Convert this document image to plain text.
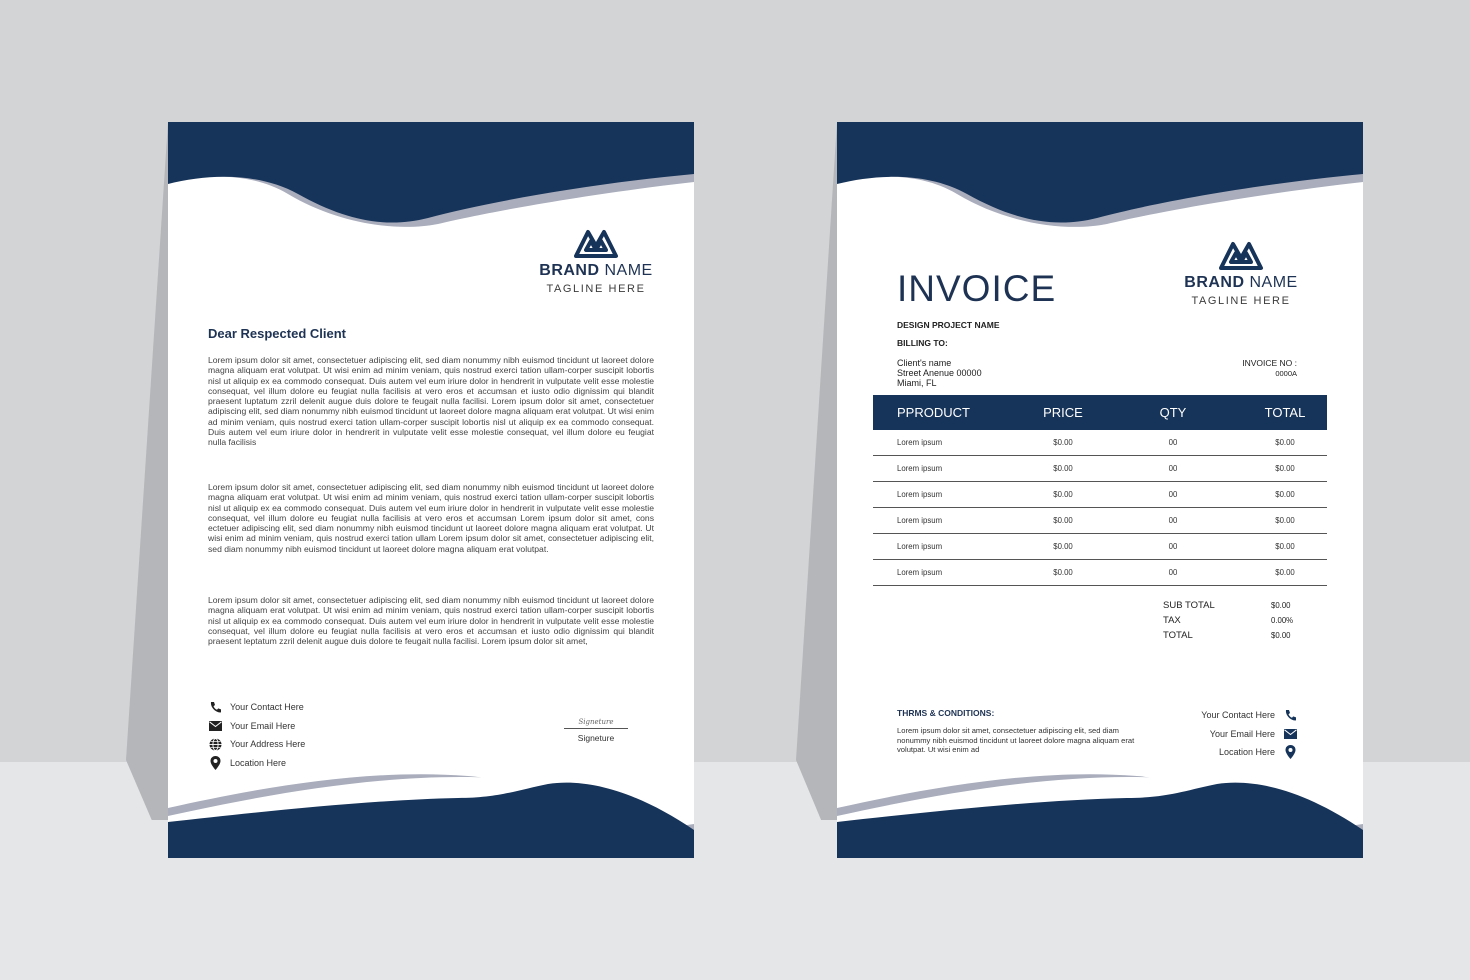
BRAND NAME
TAGLINE HERE
Dear Respected Client
Lorem ipsum dolor sit amet, consectetuer adipiscing elit, sed diam nonummy nibh euismod tincidunt ut laoreet dolore magna aliquam erat volutpat. Ut wisi enim ad minim veniam, quis nostrud exerci tation ullam-corper suscipit lobortis nisl ut aliquip ex ea commodo consequat. Duis autem vel eum iriure dolor in hendrerit in vulputate velit esse molestie consequat, vel illum dolore eu feugiat nulla facilisis at vero eros et accumsan et iusto odio dignissim qui blandit praesent luptatum zzril delenit augue duis dolore te feugait nulla facilisi. Lorem ipsum dolor sit amet, consectetuer adipiscing elit, sed diam nonummy nibh euismod tincidunt ut laoreet dolore magna aliquam erat volutpat. Ut wisi enim ad minim veniam, quis nostrud exerci tation ullam-corper suscipit lobortis nisl ut aliquip ex ea commodo consequat. Duis autem vel eum iriure dolor in hendrerit in vulputate velit esse molestie consequat, vel illum dolore eu feugiat nulla facilisis
Lorem ipsum dolor sit amet, consectetuer adipiscing elit, sed diam nonummy nibh euismod tincidunt ut laoreet dolore magna aliquam erat volutpat. Ut wisi enim ad minim veniam, quis nostrud exerci tation ullam-corper suscipit lobortis nisl ut aliquip ex ea commodo consequat. Duis autem vel eum iriure dolor in hendrerit in vulputate velit esse molestie consequat, vel illum dolore eu feugiat nulla facilisis at vero eros et accumsan Lorem ipsum dolor sit amet, cons ectetuer adipiscing elit, sed diam nonummy nibh euismod tincidunt ut laoreet dolore magna aliquam erat volutpat. Ut wisi enim ad minim veniam, quis nostrud exerci tation ullam Lorem ipsum dolor sit amet, consectetuer adipiscing elit, sed diam nonummy nibh euismod tincidunt ut laoreet dolore magna aliquam erat volutpat.
Lorem ipsum dolor sit amet, consectetuer adipiscing elit, sed diam nonummy nibh euismod tincidunt ut laoreet dolore magna aliquam erat volutpat. Ut wisi enim ad minim veniam, quis nostrud exerci tation ullam-corper suscipit lobortis nisl ut aliquip ex ea commodo consequat. Duis autem vel eum iriure dolor in hendrerit in vulputate velit esse molestie consequat, vel illum dolore eu feugiat nulla facilisis at vero eros et accumsan et iusto odio dignissim qui blandit praesent leptatum zzril delenit augue duis dolore te feugait nulla facilisi. Lorem ipsum dolor sit amet,
Your Contact Here
Your Email Here
Your Address Here
Location Here
Signeture
Signeture
BRAND NAME
TAGLINE HERE
INVOICE
DESIGN PROJECT NAME
BILLING TO:
Client's name
Street Anenue 00000
Miami, FL
INVOICE NO :
0000A
PPRODUCT	PRICE	QTY	TOTAL
Lorem ipsum	$0.00	00	$0.00
Lorem ipsum	$0.00	00	$0.00
Lorem ipsum	$0.00	00	$0.00
Lorem ipsum	$0.00	00	$0.00
Lorem ipsum	$0.00	00	$0.00
Lorem ipsum	$0.00	00	$0.00
SUB TOTAL	$0.00
TAX	0.00%
TOTAL	$0.00
THRMS & CONDITIONS:
Lorem ipsum dolor sit amet, consectetuer adipiscing elit, sed diam nonummy nibh euismod tincidunt ut laoreet dolore magna aliquam erat volutpat. Ut wisi enim ad
Your Contact Here
Your Email Here
Location Here
